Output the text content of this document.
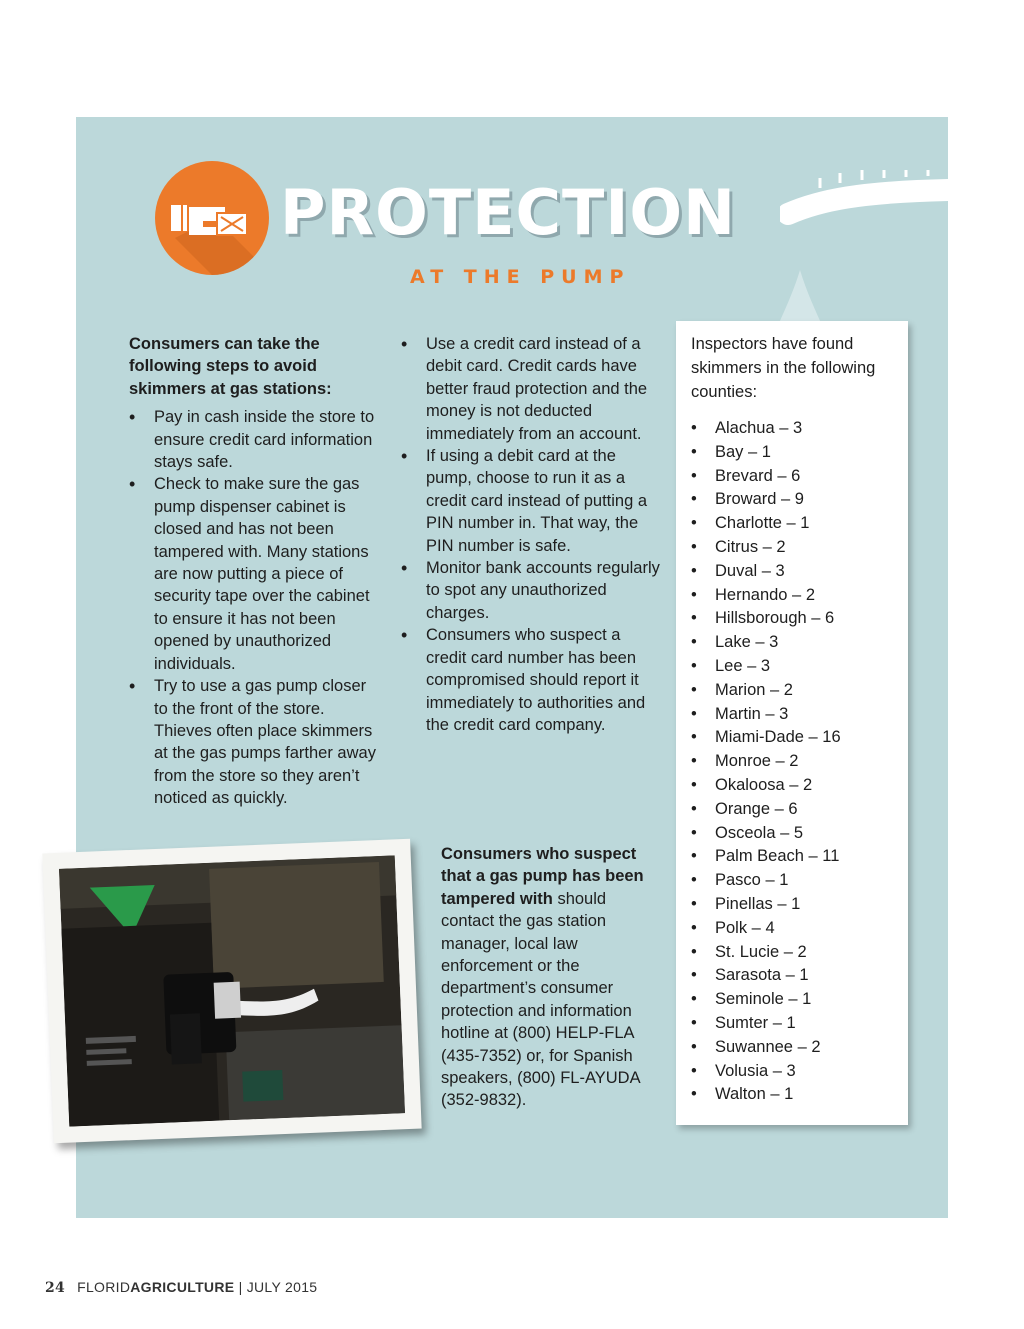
PROTECTION
AT THE PUMP

Consumers can take the following steps to avoid skimmers at gas stations:

• Pay in cash inside the store to ensure credit card information stays safe.
• Check to make sure the gas pump dispenser cabinet is closed and has not been tampered with. Many stations are now putting a piece of security tape over the cabinet to ensure it has not been opened by unauthorized individuals.
• Try to use a gas pump closer to the front of the store. Thieves often place skimmers at the gas pumps farther away from the store so they aren’t noticed as quickly.
• Use a credit card instead of a debit card. Credit cards have better fraud protection and the money is not deducted immediately from an account.
• If using a debit card at the pump, choose to run it as a credit card instead of putting a PIN number in. That way, the PIN number is safe.
• Monitor bank accounts regularly to spot any unauthorized charges.
• Consumers who suspect a credit card number has been compromised should report it immediately to authorities and the credit card company.

Consumers who suspect that a gas pump has been tampered with should contact the gas station manager, local law enforcement or the department’s consumer protection and information hotline at (800) HELP-FLA (435-7352) or, for Spanish speakers, (800) FL-AYUDA (352-9832).

Inspectors have found skimmers in the following counties:

• Alachua – 3
• Bay – 1
• Brevard – 6
• Broward – 9
• Charlotte – 1
• Citrus – 2
• Duval – 3
• Hernando – 2
• Hillsborough – 6
• Lake – 3
• Lee – 3
• Marion – 2
• Martin – 3
• Miami-Dade – 16
• Monroe – 2
• Okaloosa – 2
• Orange – 6
• Osceola – 5
• Palm Beach – 11
• Pasco – 1
• Pinellas – 1
• Polk – 4
• St. Lucie – 2
• Sarasota – 1
• Seminole – 1
• Sumter – 1
• Suwannee – 2
• Volusia – 3
• Walton – 1
24 FLORIDAGRICULTURE | JULY 2015
